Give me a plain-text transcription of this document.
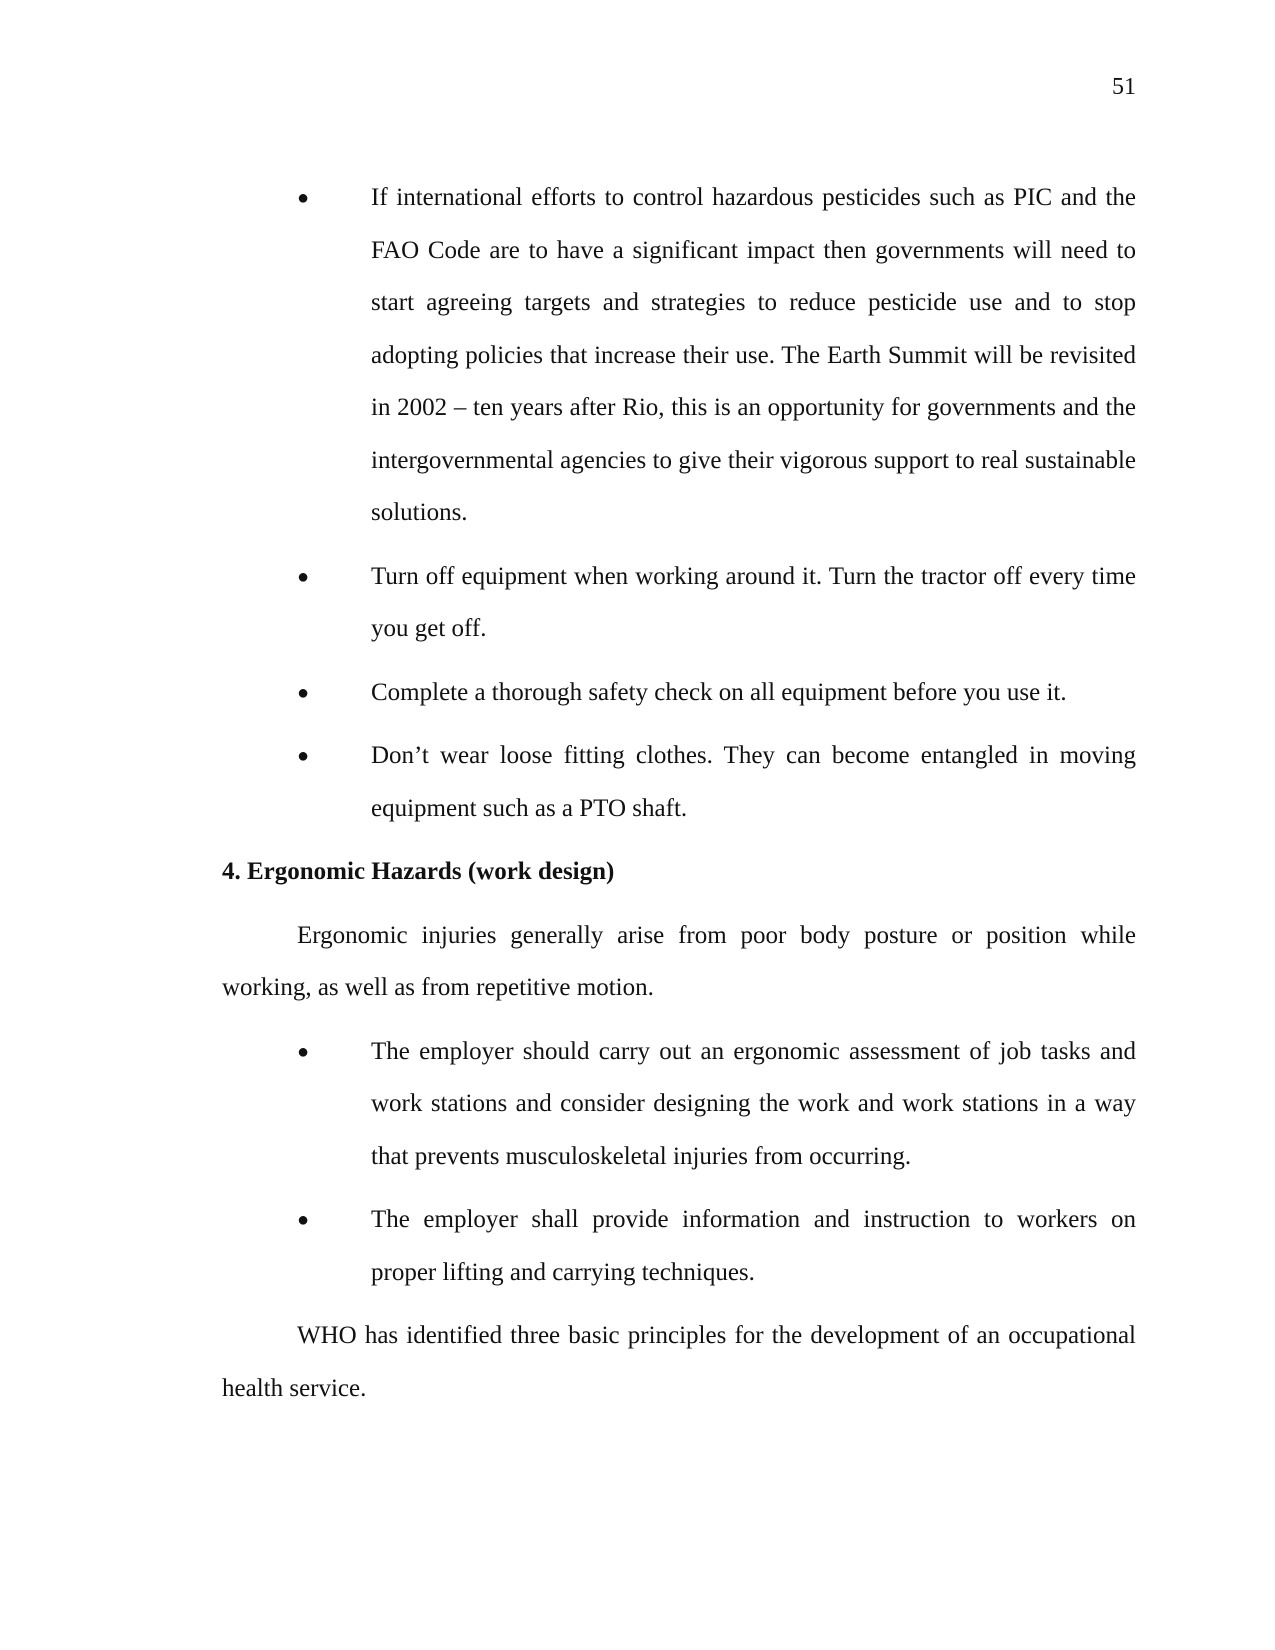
51
● If international efforts to control hazardous pesticides such as PIC and the FAO Code are to have a significant impact then governments will need to start agreeing targets and strategies to reduce pesticide use and to stop adopting policies that increase their use. The Earth Summit will be revisited in 2002 – ten years after Rio, this is an opportunity for governments and the intergovernmental agencies to give their vigorous support to real sustainable solutions.
● Turn off equipment when working around it. Turn the tractor off every time you get off.
● Complete a thorough safety check on all equipment before you use it.
● Don’t wear loose fitting clothes. They can become entangled in moving equipment such as a PTO shaft.
4. Ergonomic Hazards (work design)

Ergonomic injuries generally arise from poor body posture or position while working, as well as from repetitive motion.

● The employer should carry out an ergonomic assessment of job tasks and work stations and consider designing the work and work stations in a way that prevents musculoskeletal injuries from occurring.
● The employer shall provide information and instruction to workers on proper lifting and carrying techniques.

WHO has identified three basic principles for the development of an occupational health service.
